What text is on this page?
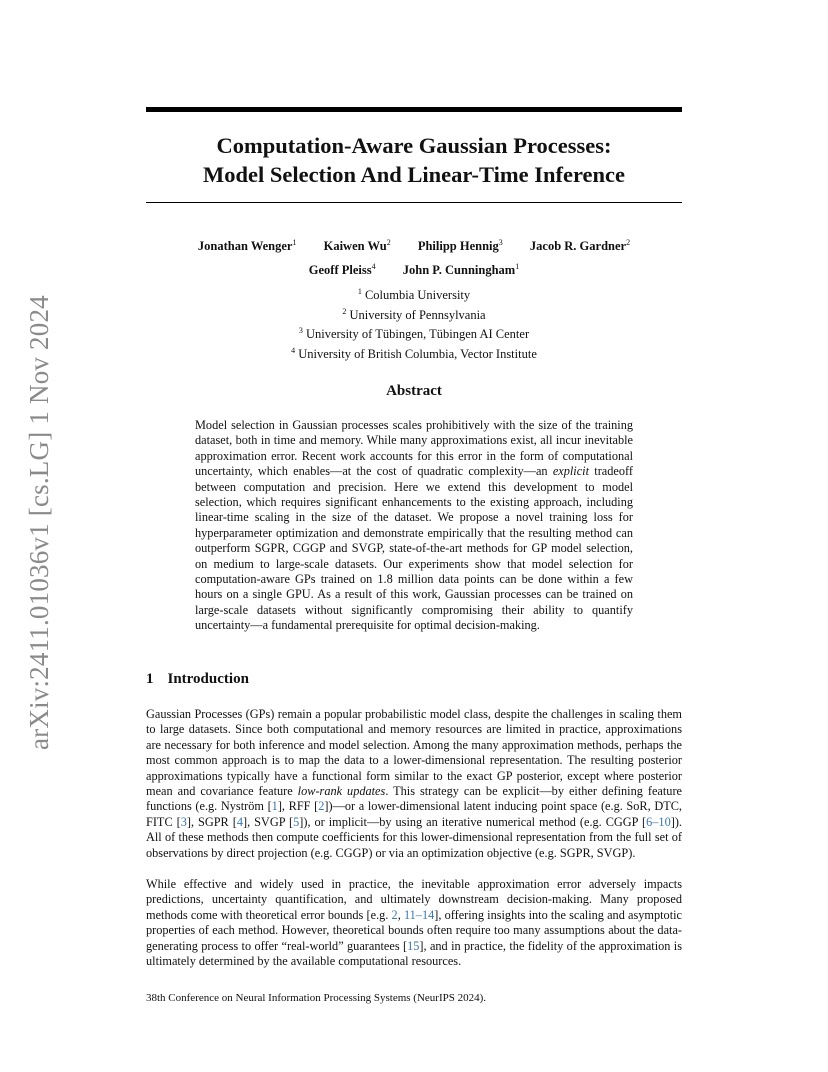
arXiv:2411.01036v1 [cs.LG] 1 Nov 2024
Computation-Aware Gaussian Processes:
Model Selection And Linear-Time Inference
Jonathan Wenger$^1$ Kaiwen Wu$^2$ Philipp Hennig$^3$ Jacob R. Gardner$^2$
Geoff Pleiss$^4$ John P. Cunningham$^1$
$^1$ Columbia University
$^2$ University of Pennsylvania
$^3$ University of Tübingen, Tübingen AI Center
$^4$ University of British Columbia, Vector Institute
Abstract
Model selection in Gaussian processes scales prohibitively with the size of the training dataset, both in time and memory. While many approximations exist, all incur inevitable approximation error. Recent work accounts for this error in the form of computational uncertainty, which enables—at the cost of quadratic complexity—an explicit tradeoff between computation and precision. Here we extend this development to model selection, which requires significant enhancements to the existing approach, including linear-time scaling in the size of the dataset. We propose a novel training loss for hyperparameter optimization and demonstrate empirically that the resulting method can outperform SGPR, CGGP and SVGP, state-of-the-art methods for GP model selection, on medium to large-scale datasets. Our experiments show that model selection for computation-aware GPs trained on 1.8 million data points can be done within a few hours on a single GPU. As a result of this work, Gaussian processes can be trained on large-scale datasets without significantly compromising their ability to quantify uncertainty—a fundamental prerequisite for optimal decision-making.
1 Introduction
Gaussian Processes (GPs) remain a popular probabilistic model class, despite the challenges in scaling them to large datasets. Since both computational and memory resources are limited in practice, approximations are necessary for both inference and model selection. Among the many approximation methods, perhaps the most common approach is to map the data to a lower-dimensional representation. The resulting posterior approximations typically have a functional form similar to the exact GP posterior, except where posterior mean and covariance feature low-rank updates. This strategy can be explicit—by either defining feature functions (e.g. Nyström [1], RFF [2])—or a lower-dimensional latent inducing point space (e.g. SoR, DTC, FITC [3], SGPR [4], SVGP [5]), or implicit—by using an iterative numerical method (e.g. CGGP [6–10]). All of these methods then compute coefficients for this lower-dimensional representation from the full set of observations by direct projection (e.g. CGGP) or via an optimization objective (e.g. SGPR, SVGP).
While effective and widely used in practice, the inevitable approximation error adversely impacts predictions, uncertainty quantification, and ultimately downstream decision-making. Many proposed methods come with theoretical error bounds [e.g. 2, 11–14], offering insights into the scaling and asymptotic properties of each method. However, theoretical bounds often require too many assumptions about the data-generating process to offer “real-world” guarantees [15], and in practice, the fidelity of the approximation is ultimately determined by the available computational resources.
38th Conference on Neural Information Processing Systems (NeurIPS 2024).
